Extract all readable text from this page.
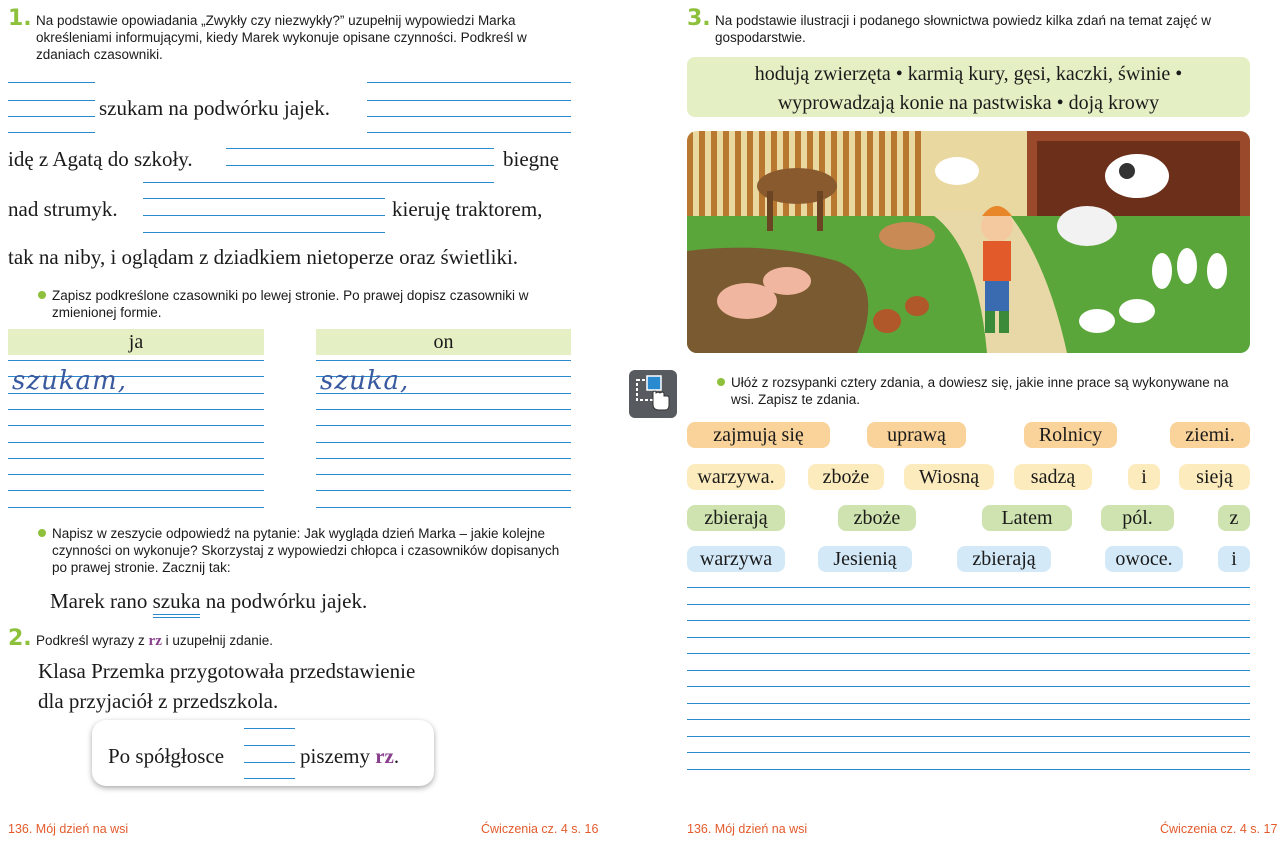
1. Na podstawie opowiadania „Zwykły czy niezwykły?” uzupełnij wypowiedzi Marka określeniami informującymi, kiedy Marek wykonuje opisane czynności. Podkreśl w zdaniach czasowniki.
szukam na podwórku jajek.
idę z Agatą do szkoły.	biegnę
nad strumyk.	kieruję traktorem,
tak na niby, i oglądam z dziadkiem nietoperze oraz świetliki.
Zapisz podkreślone czasowniki po lewej stronie. Po prawej dopisz czasowniki w zmienionej formie.
ja	on
szukam,	szuka,
Napisz w zeszycie odpowiedź na pytanie: Jak wygląda dzień Marka – jakie kolejne czynności on wykonuje? Skorzystaj z wypowiedzi chłopca i czasowników dopisanych po prawej stronie. Zacznij tak:
Marek rano szuka na podwórku jajek.
2. Podkreśl wyrazy z rz i uzupełnij zdanie.
Klasa Przemka przygotowała przedstawienie
dla przyjaciół z przedszkola.
Po spółgłosce	piszemy rz.
136. Mój dzień na wsi	Ćwiczenia cz. 4 s. 16
3. Na podstawie ilustracji i podanego słownictwa powiedz kilka zdań na temat zajęć w gospodarstwie.
hodują zwierzęta • karmią kury, gęsi, kaczki, świnie •
wyprowadzają konie na pastwiska • doją krowy
Ułóż z rozsypanki cztery zdania, a dowiesz się, jakie inne prace są wykonywane na wsi. Zapisz te zdania.
zajmują się	uprawą	Rolnicy	ziemi.
warzywa.	zboże	Wiosną	sadzą	i	sieją
zbierają	zboże	Latem	pól.	z
warzywa	Jesienią	zbierają	owoce.	i
136. Mój dzień na wsi	Ćwiczenia cz. 4 s. 17
